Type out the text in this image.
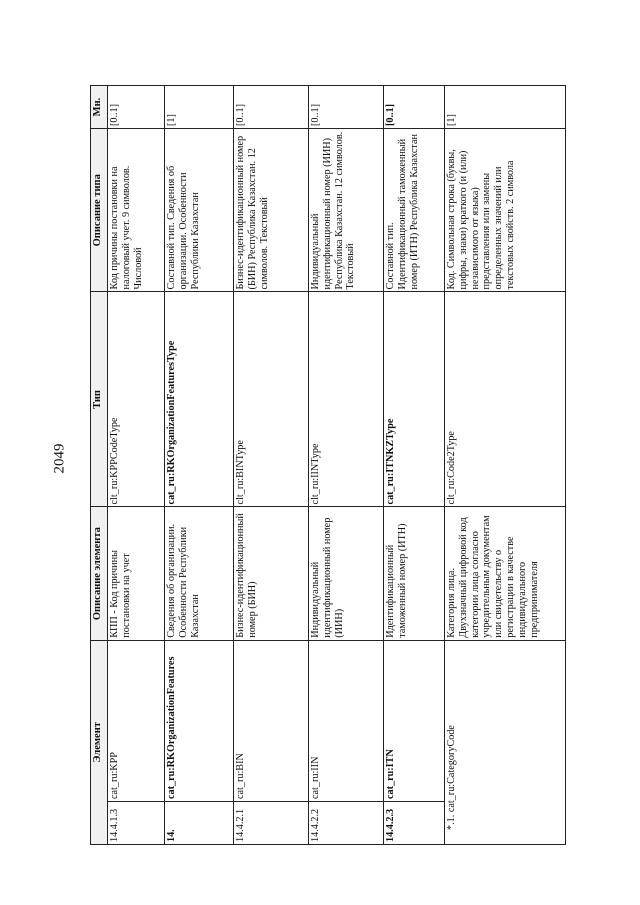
2049
Элемент		Описание элемента	Тип	Описание типа	Мн.
14.4.1.3	cat_ru:KPP	КПП - Код причины постановки на учет	clt_ru:KPPCodeType	Код причины постановки на налоговый учет. 9 символов. Числовой	[0..1]
14.	cat_ru:RKOrganizationFeatures	Сведения об организации. Особенности Республики Казахстан	cat_ru:RKOrganizationFeaturesType	Составной тип. Сведения об организации. Особенности Республики Казахстан	[1]
14.4.2.1	cat_ru:BIN	Бизнес-идентификационный номер (БИН)	clt_ru:BINType	Бизнес-идентификационный номер (БИН) Республика Казахстан. 12 символов. Текстовый	[0..1]
14.4.2.2	cat_ru:IIN	Индивидуальный идентификационный номер (ИИН)	clt_ru:IINType	Индивидуальный идентификационный номер (ИИН) Республика Казахстан. 12 символов. Текстовый	[0..1]
14.4.2.3	cat_ru:ITN	Идентификационный таможенный номер (ИТН)	cat_ru:ITNKZType	Составной тип. Идентификационный таможенный номер (ИТН) Республика Казахстан	[0..1]
*.1. cat_ru:CategoryCode		Категория лица. Двухзначный цифровой код категории лица согласно учредительным документам или свидетельству о регистрации в качестве индивидуального предпринимателя	clt_ru:Code2Type	Код. Символьная строка (буквы, цифры, знаки) краткого (и (или) независимого от языка) представления или замены определенных значений или текстовых свойств. 2 символа	[1]
